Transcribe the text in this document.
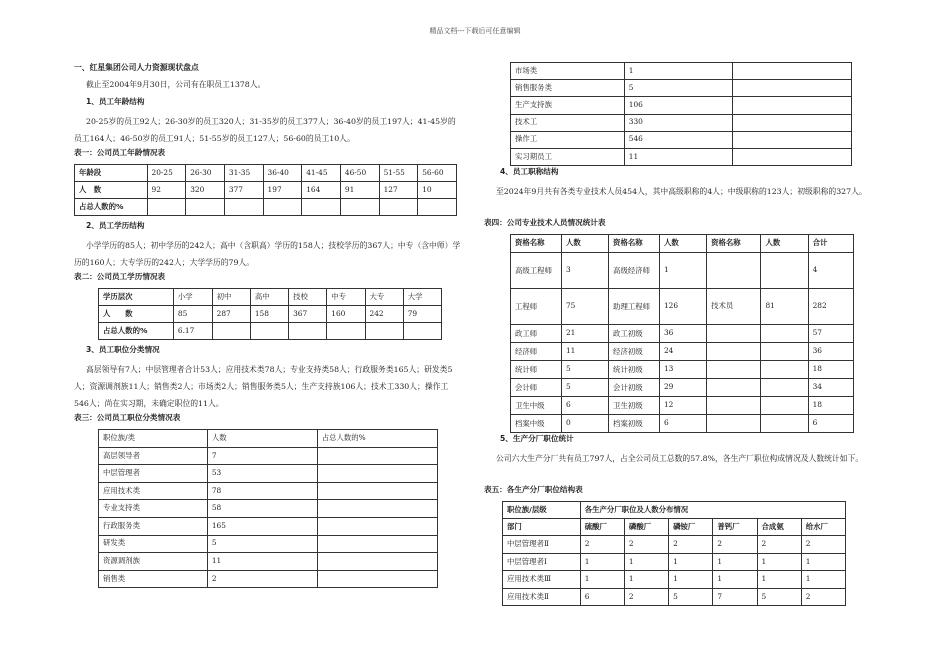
精品文档---下载后可任意编辑

一、红星集团公司人力资源现状盘点

截止至2004年9月30日，公司有在职员工1378人。

1、员工年龄结构

20-25岁的员工92人；26-30岁的员工320人；31-35岁的员工377人；36-40岁的员工197人；41-45岁的员工164人；46-50岁的员工91人；51-55岁的员工127人；56-60的员工10人。

表一：公司员工年龄情况表

年龄段	20-25	26-30	31-35	36-40	41-45	46-50	51-55	56-60
人　数	92	320	377	197	164	91	127	10
占总人数的%								

2、员工学历结构

小学学历的85人；初中学历的242人；高中（含职高）学历的158人；技校学历的367人；中专（含中师）学历的160人；大专学历的242人；大学学历的79人。

表二：公司员工学历情况表

学历层次	小学	初中	高中	技校	中专	大专	大学
人　　数	85	287	158	367	160	242	79
占总人数的%	6.17						

3、员工职位分类情况

高层领导有7人；中层管理者合计53人；应用技术类78人；专业支持类58人；行政服务类165人；研发类5人；资源调剂族11人；销售类2人；市场类2人；销售服务类5人；生产支持族106人；技术工330人；操作工546人；尚在实习期，未确定职位的11人。

表三：公司员工职位分类情况表

职位族/类	人数	占总人数的%
高层领导者	7	
中层管理者	53	
应用技术类	78	
专业支持类	58	
行政服务类	165	
研发类	5	
资源调剂族	11	
销售类	2	
市场类	1	
销售服务类	5	
生产支持族	106	
技术工	330	
操作工	546	
实习期员工	11	

4、员工职称结构

至2024年9月共有各类专业技术人员454人，其中高级职称的4人；中级职称的123人；初级职称的327人。

表四：公司专业技术人员情况统计表

资格名称	人数	资格名称	人数	资格名称	人数	合计
高级工程师	3	高级经济师	1			4
工程师	75	助理工程师	126	技术员	81	282
政工师	21	政工初级	36			57
经济师	11	经济初级	24			36
统计师	5	统计初级	13			18
会计师	5	会计初级	29			34
卫生中级	6	卫生初级	12			18
档案中级	0	档案初级	6			6

5、生产分厂职位统计

公司六大生产分厂共有员工797人，占全公司员工总数的57.8%，各生产厂职位构成情况及人数统计如下。

表五：各生产分厂职位结构表

职位族/层级	各生产分厂职位及人数分布情况					
部门	硫酸厂	磷酸厂	磷铵厂	普钙厂	合成氨	给水厂
中层管理者Ⅱ	2	2	2	2	2	2
中层管理者Ⅰ	1	1	1	1	1	1
应用技术类Ⅲ	1	1	1	1	1	1
应用技术类Ⅱ	6	2	5	7	5	2
